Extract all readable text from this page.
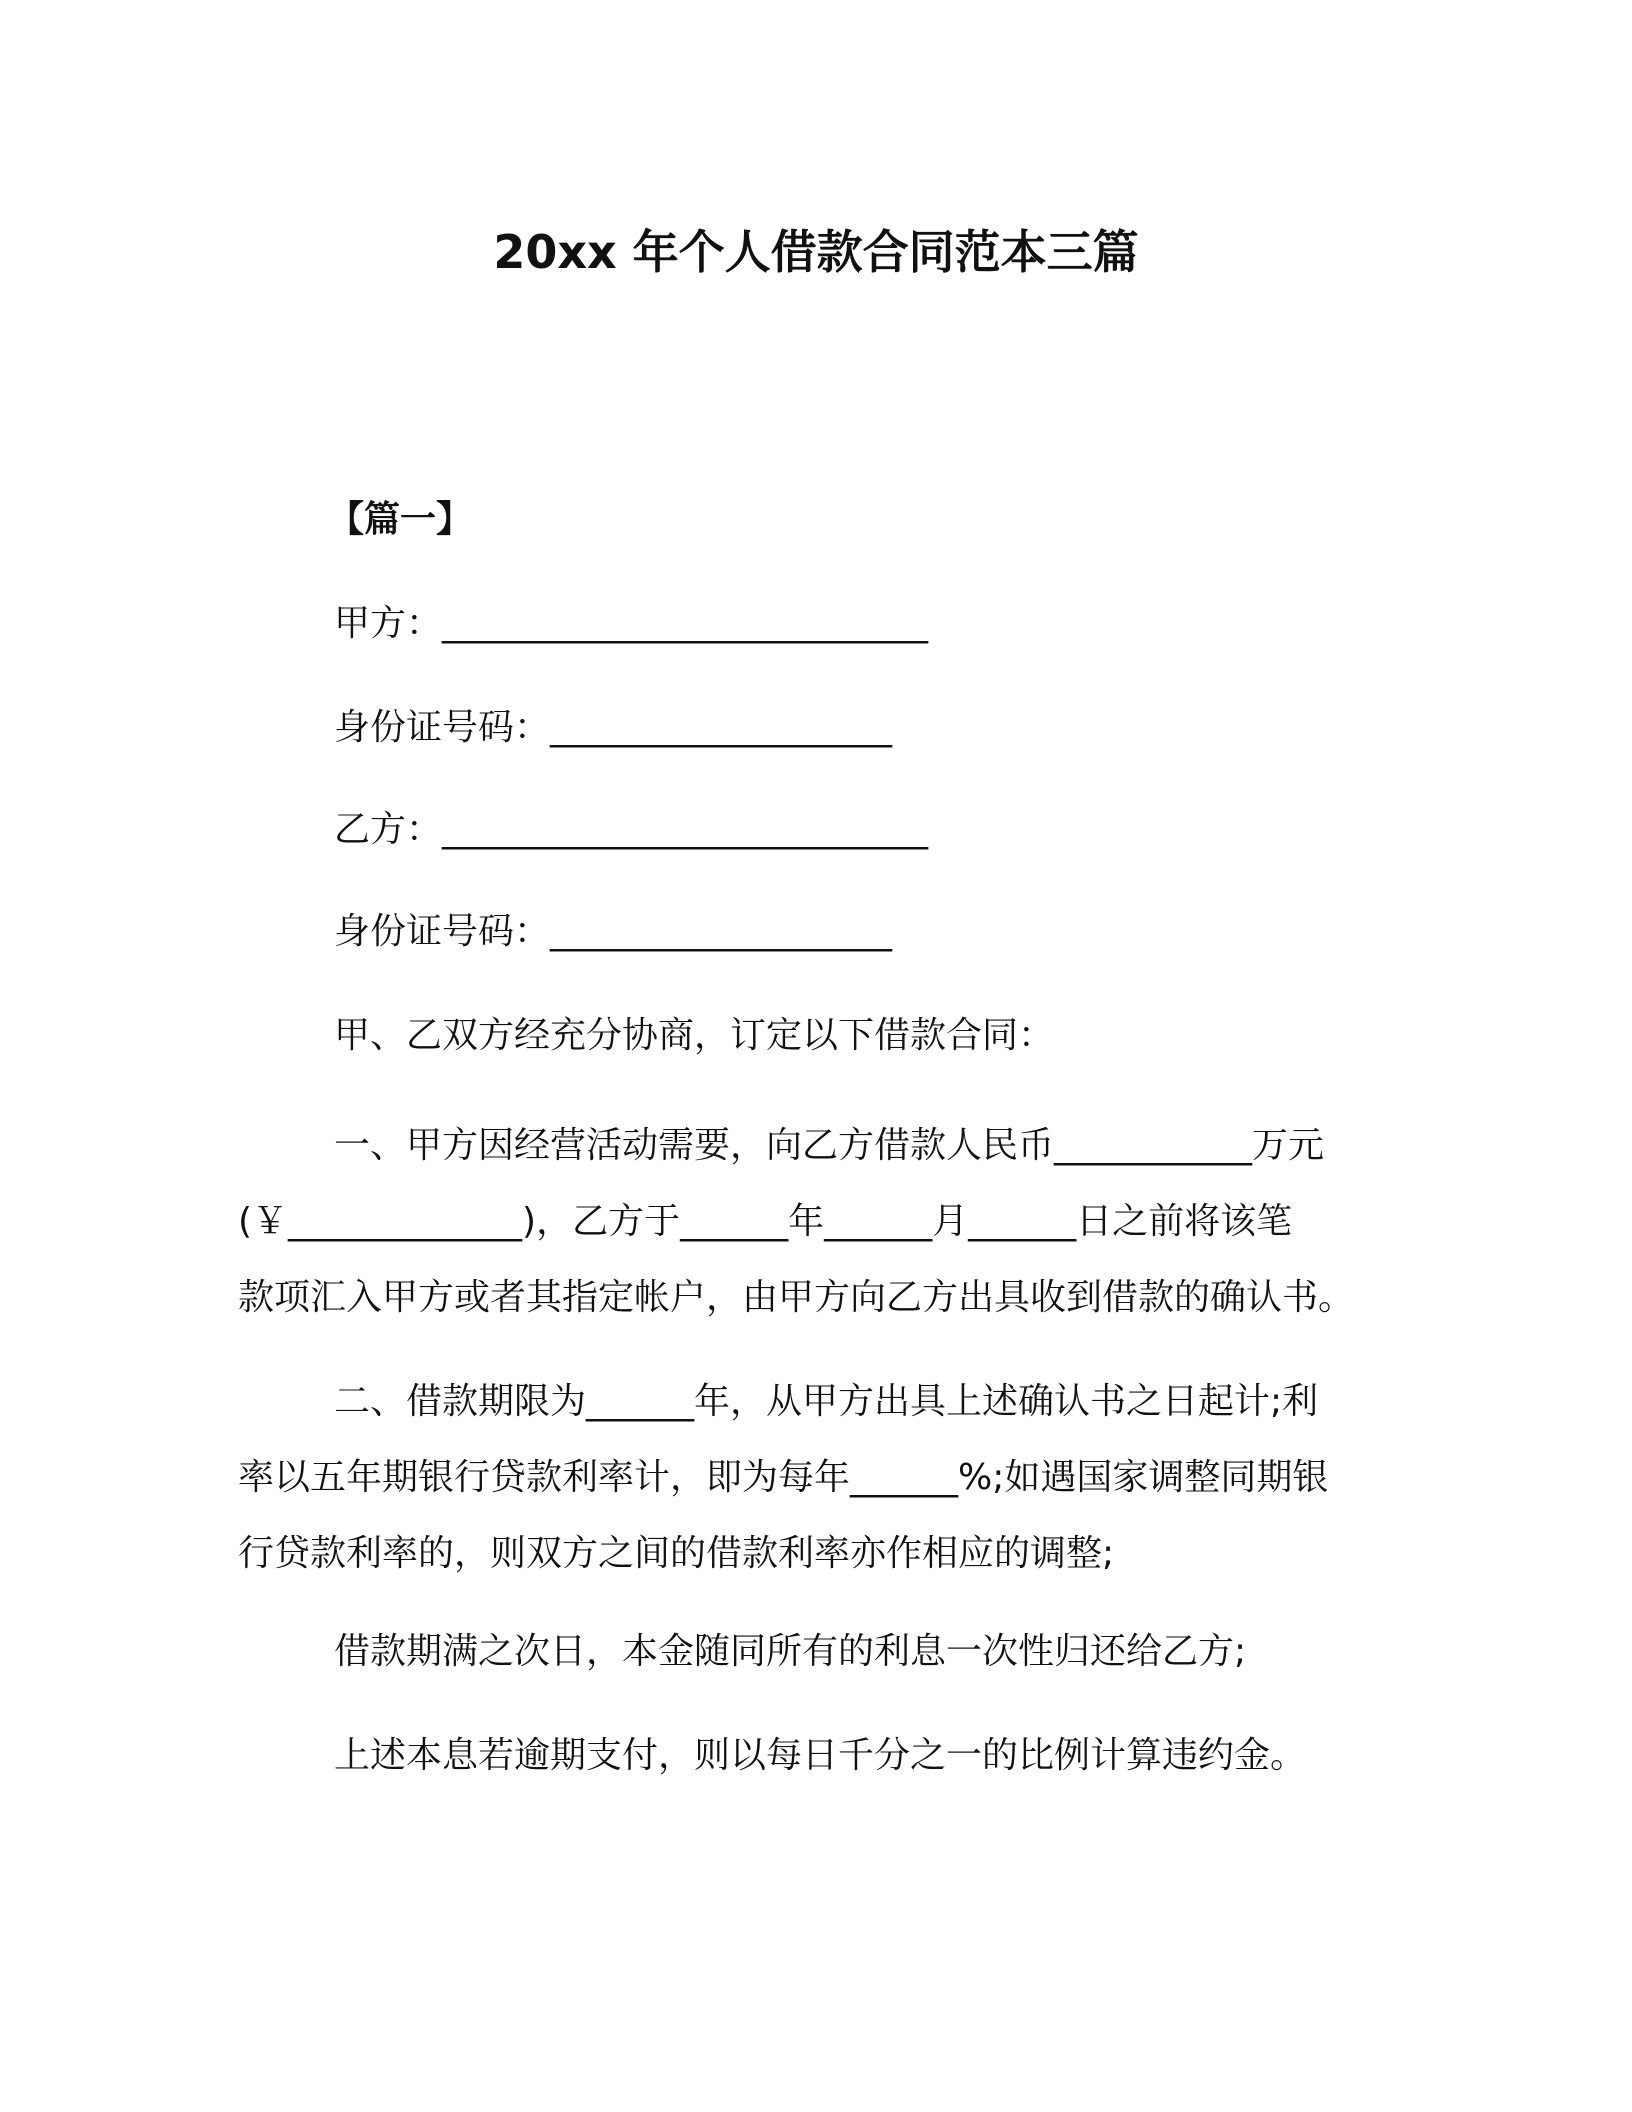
20xx 年个人借款合同范本三篇
【篇一】
甲方：___________________________
身份证号码：___________________
乙方：___________________________
身份证号码：___________________
甲、乙双方经充分协商，订定以下借款合同：
一、甲方因经营活动需要，向乙方借款人民币___________万元
(￥_____________)，乙方于______年______月______日之前将该笔
款项汇入甲方或者其指定帐户，由甲方向乙方出具收到借款的确认书。
二、借款期限为______年，从甲方出具上述确认书之日起计;利
率以五年期银行贷款利率计，即为每年______%;如遇国家调整同期银
行贷款利率的，则双方之间的借款利率亦作相应的调整;
借款期满之次日，本金随同所有的利息一次性归还给乙方;
上述本息若逾期支付，则以每日千分之一的比例计算违约金。
